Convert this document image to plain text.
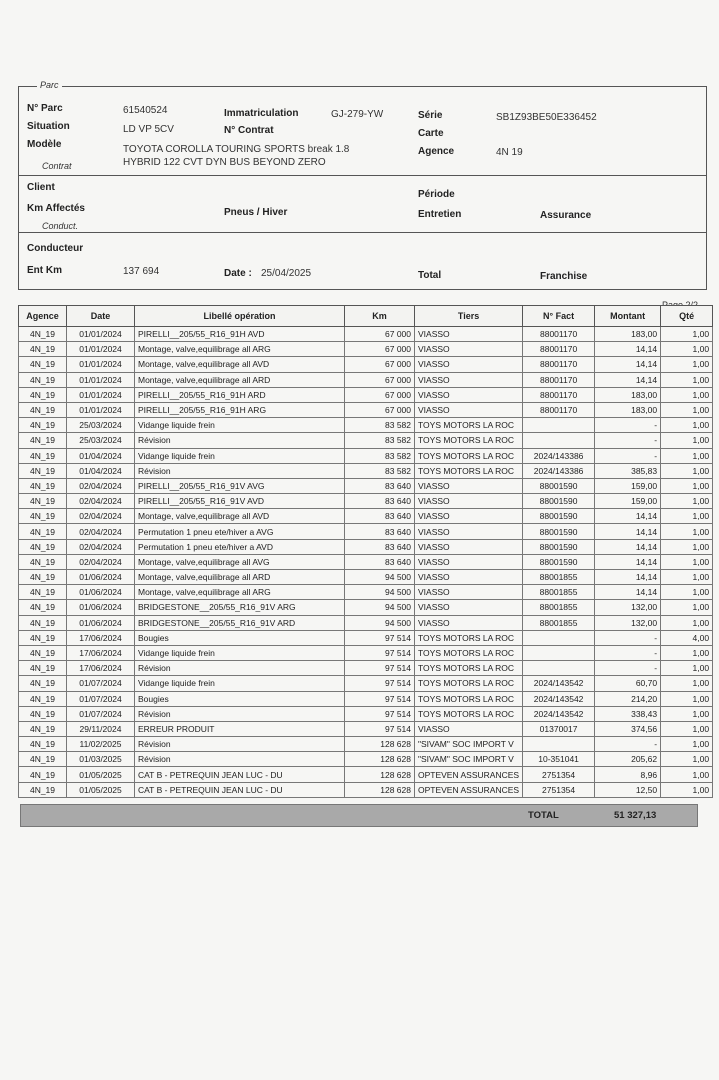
Parc
N° Parc	61540524
Situation	LD VP 5CV
Modèle	TOYOTA COROLLA TOURING SPORTS break 1.8
HYBRID 122 CVT DYN BUS BEYOND ZERO
Immatriculation	GJ-279-YW
N° Contrat
Série	SB1Z93BE50E336452
Carte
Agence	4N 19
Contrat
Client
Km Affectés	Pneus / Hiver
Période
Entretien	Assurance
Conduct.
Conducteur
Ent Km	137 694	Date : 25/04/2025	Total	Franchise
Agence	Date	Libellé opération	Km	Tiers	N° Fact	Montant	Qté
4N_19	01/01/2024	PIRELLI__205/55_R16_91H AVD	67 000	VIASSO	88001170	183,00	1,00
4N_19	01/01/2024	Montage, valve,equilibrage all ARG	67 000	VIASSO	88001170	14,14	1,00
4N_19	01/01/2024	Montage, valve,equilibrage all AVD	67 000	VIASSO	88001170	14,14	1,00
4N_19	01/01/2024	Montage, valve,equilibrage all ARD	67 000	VIASSO	88001170	14,14	1,00
4N_19	01/01/2024	PIRELLI__205/55_R16_91H ARD	67 000	VIASSO	88001170	183,00	1,00
4N_19	01/01/2024	PIRELLI__205/55_R16_91H ARG	67 000	VIASSO	88001170	183,00	1,00
4N_19	25/03/2024	Vidange liquide frein	83 582	TOYS MOTORS LA ROC		-	1,00
4N_19	25/03/2024	Révision	83 582	TOYS MOTORS LA ROC		-	1,00
4N_19	01/04/2024	Vidange liquide frein	83 582	TOYS MOTORS LA ROC	2024/143386	-	1,00
4N_19	01/04/2024	Révision	83 582	TOYS MOTORS LA ROC	2024/143386	385,83	1,00
4N_19	02/04/2024	PIRELLI__205/55_R16_91V AVG	83 640	VIASSO	88001590	159,00	1,00
4N_19	02/04/2024	PIRELLI__205/55_R16_91V AVD	83 640	VIASSO	88001590	159,00	1,00
4N_19	02/04/2024	Montage, valve,equilibrage all AVD	83 640	VIASSO	88001590	14,14	1,00
4N_19	02/04/2024	Permutation 1 pneu ete/hiver a AVG	83 640	VIASSO	88001590	14,14	1,00
4N_19	02/04/2024	Permutation 1 pneu ete/hiver a AVD	83 640	VIASSO	88001590	14,14	1,00
4N_19	02/04/2024	Montage, valve,equilibrage all AVG	83 640	VIASSO	88001590	14,14	1,00
4N_19	01/06/2024	Montage, valve,equilibrage all ARD	94 500	VIASSO	88001855	14,14	1,00
4N_19	01/06/2024	Montage, valve,equilibrage all ARG	94 500	VIASSO	88001855	14,14	1,00
4N_19	01/06/2024	BRIDGESTONE__205/55_R16_91V ARG	94 500	VIASSO	88001855	132,00	1,00
4N_19	01/06/2024	BRIDGESTONE__205/55_R16_91V ARD	94 500	VIASSO	88001855	132,00	1,00
4N_19	17/06/2024	Bougies	97 514	TOYS MOTORS LA ROC		-	4,00
4N_19	17/06/2024	Vidange liquide frein	97 514	TOYS MOTORS LA ROC		-	1,00
4N_19	17/06/2024	Révision	97 514	TOYS MOTORS LA ROC		-	1,00
4N_19	01/07/2024	Vidange liquide frein	97 514	TOYS MOTORS LA ROC	2024/143542	60,70	1,00
4N_19	01/07/2024	Bougies	97 514	TOYS MOTORS LA ROC	2024/143542	214,20	1,00
4N_19	01/07/2024	Révision	97 514	TOYS MOTORS LA ROC	2024/143542	338,43	1,00
4N_19	29/11/2024	ERREUR PRODUIT	97 514	VIASSO	01370017	374,56	1,00
4N_19	11/02/2025	Révision	128 628	"SIVAM" SOC IMPORT V		-	1,00
4N_19	01/03/2025	Révision	128 628	"SIVAM" SOC IMPORT V	10-351041	205,62	1,00
4N_19	01/05/2025	CAT B - PETREQUIN JEAN LUC - DU	128 628	OPTEVEN ASSURANCES	2751354	8,96	1,00
4N_19	01/05/2025	CAT B - PETREQUIN JEAN LUC - DU	128 628	OPTEVEN ASSURANCES	2751354	12,50	1,00
TOTAL	51 327,13
